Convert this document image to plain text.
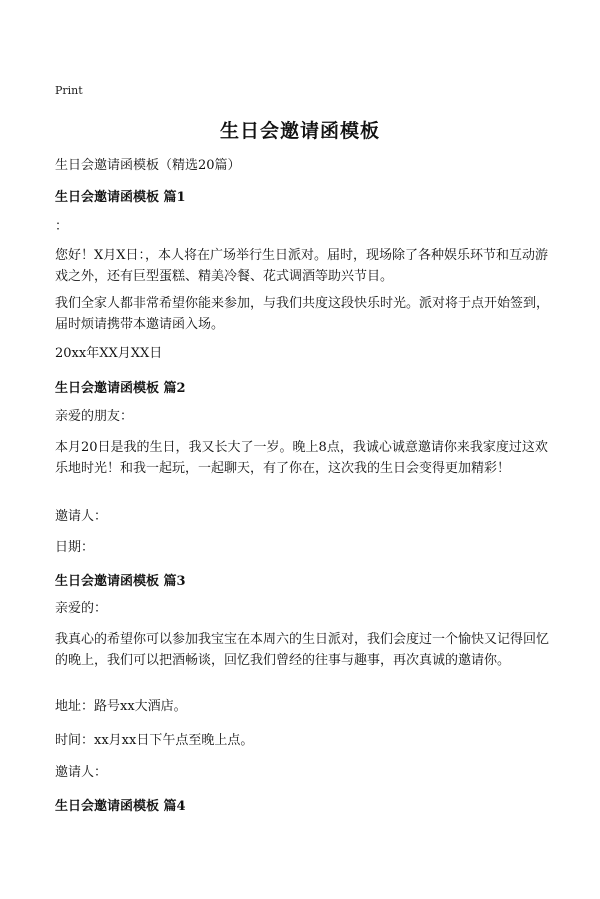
Print
生日会邀请函模板
生日会邀请函模板（精选20篇）
生日会邀请函模板 篇1
：
您好！X月X日：，本人将在广场举行生日派对。届时，现场除了各种娱乐环节和互动游戏之外，还有巨型蛋糕、精美冷餐、花式调酒等助兴节目。
我们全家人都非常希望你能来参加，与我们共度这段快乐时光。派对将于点开始签到，届时烦请携带本邀请函入场。
20xx年XX月XX日
生日会邀请函模板 篇2
亲爱的朋友：
本月20日是我的生日，我又长大了一岁。晚上8点，我诚心诚意邀请你来我家度过这欢乐地时光！和我一起玩，一起聊天，有了你在，这次我的生日会变得更加精彩！
邀请人：
日期：
生日会邀请函模板 篇3
亲爱的：
我真心的希望你可以参加我宝宝在本周六的生日派对，我们会度过一个愉快又记得回忆的晚上，我们可以把酒畅谈，回忆我们曾经的往事与趣事，再次真诚的邀请你。
地址：路号xx大酒店。
时间：xx月xx日下午点至晚上点。
邀请人：
生日会邀请函模板 篇4
